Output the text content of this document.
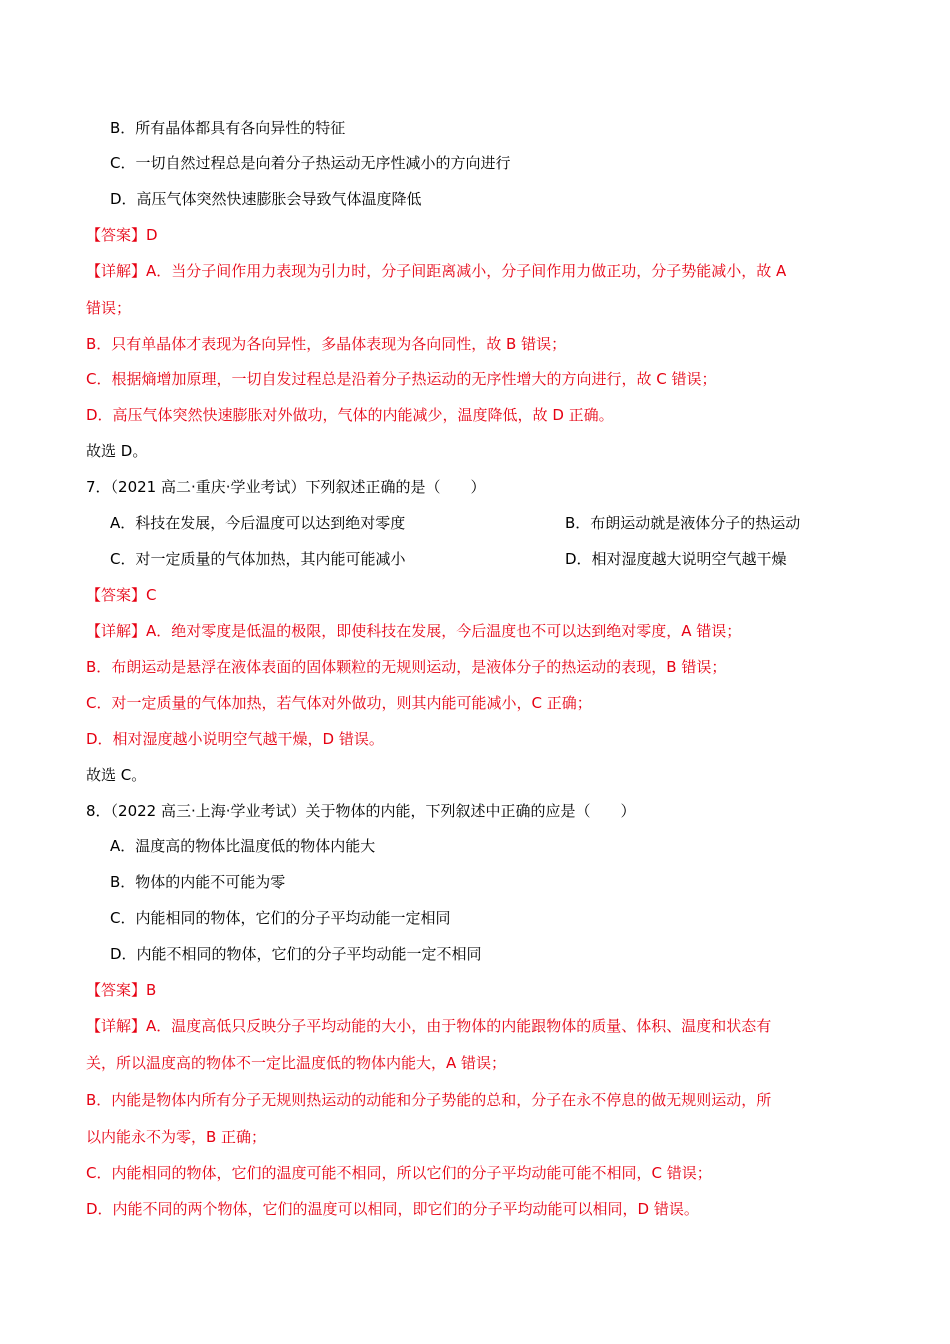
B．所有晶体都具有各向异性的特征
C．一切自然过程总是向着分子热运动无序性减小的方向进行
D．高压气体突然快速膨胀会导致气体温度降低
【答案】D
【详解】A．当分子间作用力表现为引力时，分子间距离减小，分子间作用力做正功，分子势能减小，故 A
错误；
B．只有单晶体才表现为各向异性，多晶体表现为各向同性，故 B 错误；
C．根据熵增加原理，一切自发过程总是沿着分子热运动的无序性增大的方向进行，故 C 错误；
D．高压气体突然快速膨胀对外做功，气体的内能减少，温度降低，故 D 正确。
故选 D。
7．（2021 高二·重庆·学业考试）下列叙述正确的是（　　）
A．科技在发展，今后温度可以达到绝对零度	B．布朗运动就是液体分子的热运动
C．对一定质量的气体加热，其内能可能减小	D．相对湿度越大说明空气越干燥
【答案】C
【详解】A．绝对零度是低温的极限，即使科技在发展，今后温度也不可以达到绝对零度，A 错误；
B．布朗运动是悬浮在液体表面的固体颗粒的无规则运动，是液体分子的热运动的表现，B 错误；
C．对一定质量的气体加热，若气体对外做功，则其内能可能减小，C 正确；
D．相对湿度越小说明空气越干燥，D 错误。
故选 C。
8．（2022 高三·上海·学业考试）关于物体的内能，下列叙述中正确的应是（　　）
A．温度高的物体比温度低的物体内能大
B．物体的内能不可能为零
C．内能相同的物体，它们的分子平均动能一定相同
D．内能不相同的物体，它们的分子平均动能一定不相同
【答案】B
【详解】A．温度高低只反映分子平均动能的大小，由于物体的内能跟物体的质量、体积、温度和状态有
关，所以温度高的物体不一定比温度低的物体内能大，A 错误；
B．内能是物体内所有分子无规则热运动的动能和分子势能的总和，分子在永不停息的做无规则运动，所
以内能永不为零，B 正确；
C．内能相同的物体，它们的温度可能不相同，所以它们的分子平均动能可能不相同，C 错误；
D．内能不同的两个物体，它们的温度可以相同，即它们的分子平均动能可以相同，D 错误。
